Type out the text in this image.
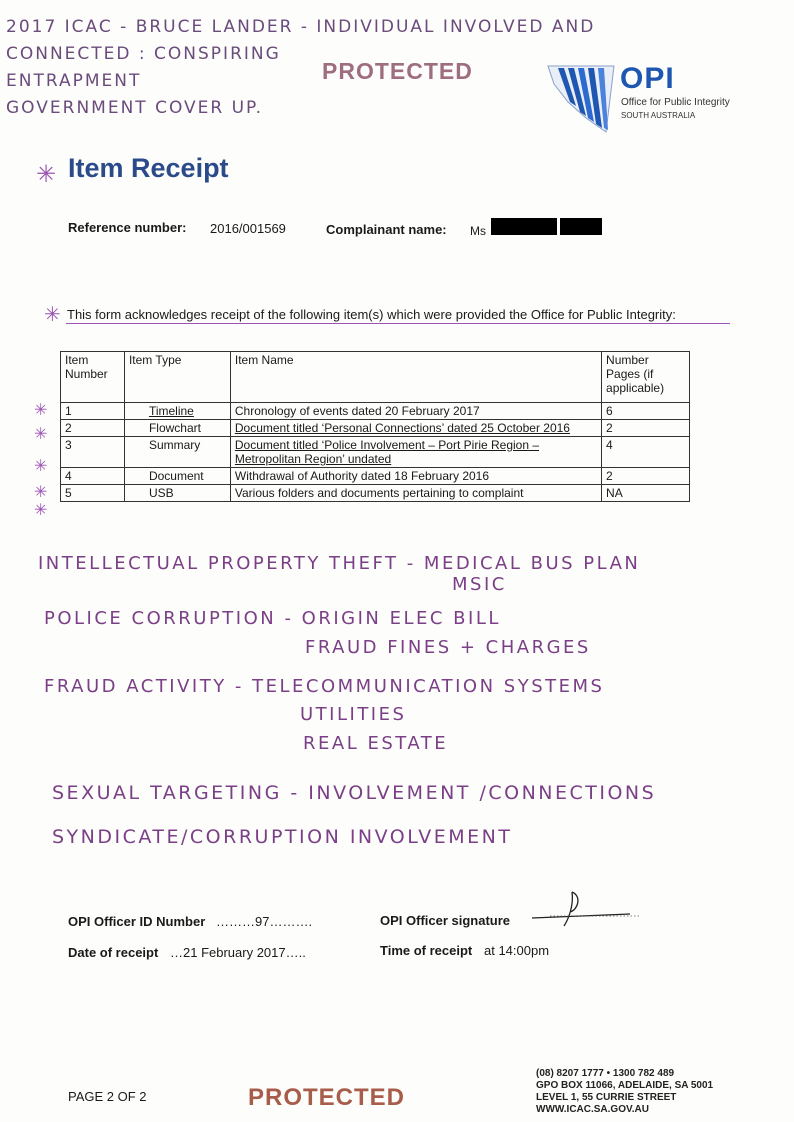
2017 ICAC - BRUCE LANDER - INDIVIDUAL INVOLVED AND
CONNECTED : CONSPIRING
ENTRAPMENT
GOVERNMENT COVER UP.
PROTECTED	OPI
Office for Public Integrity
SOUTH AUSTRALIA
✳ Item Receipt
Reference number: 2016/001569	Complainant name: Ms
✳ This form acknowledges receipt of the following item(s) which were provided the Office for Public Integrity:
Item Number	Item Type	Item Name	Number Pages (if applicable)
1	Timeline	Chronology of events dated 20 February 2017	6
2	Flowchart	Document titled ‘Personal Connections’ dated 25 October 2016	2
3	Summary	Document titled ‘Police Involvement – Port Pirie Region – Metropolitan Region’ undated	4
4	Document	Withdrawal of Authority dated 18 February 2016	2
5	USB	Various folders and documents pertaining to complaint	NA
✳
✳
✳
✳
✳
INTELLECTUAL PROPERTY THEFT - MEDICAL BUS PLAN
MSIC
POLICE CORRUPTION - ORIGIN ELEC BILL
FRAUD FINES + CHARGES
FRAUD ACTIVITY - TELECOMMUNICATION SYSTEMS
UTILITIES
REAL ESTATE
SEXUAL TARGETING - INVOLVEMENT /CONNECTIONS
SYNDICATE/CORRUPTION INVOLVEMENT
OPI Officer ID Number ………97……….	OPI Officer signature
Date of receipt …21 February 2017…..	Time of receipt at 14:00pm
PAGE 2 OF 2	PROTECTED
(08) 8207 1777 • 1300 782 489
GPO BOX 11066, ADELAIDE, SA 5001
LEVEL 1, 55 CURRIE STREET
WWW.ICAC.SA.GOV.AU
